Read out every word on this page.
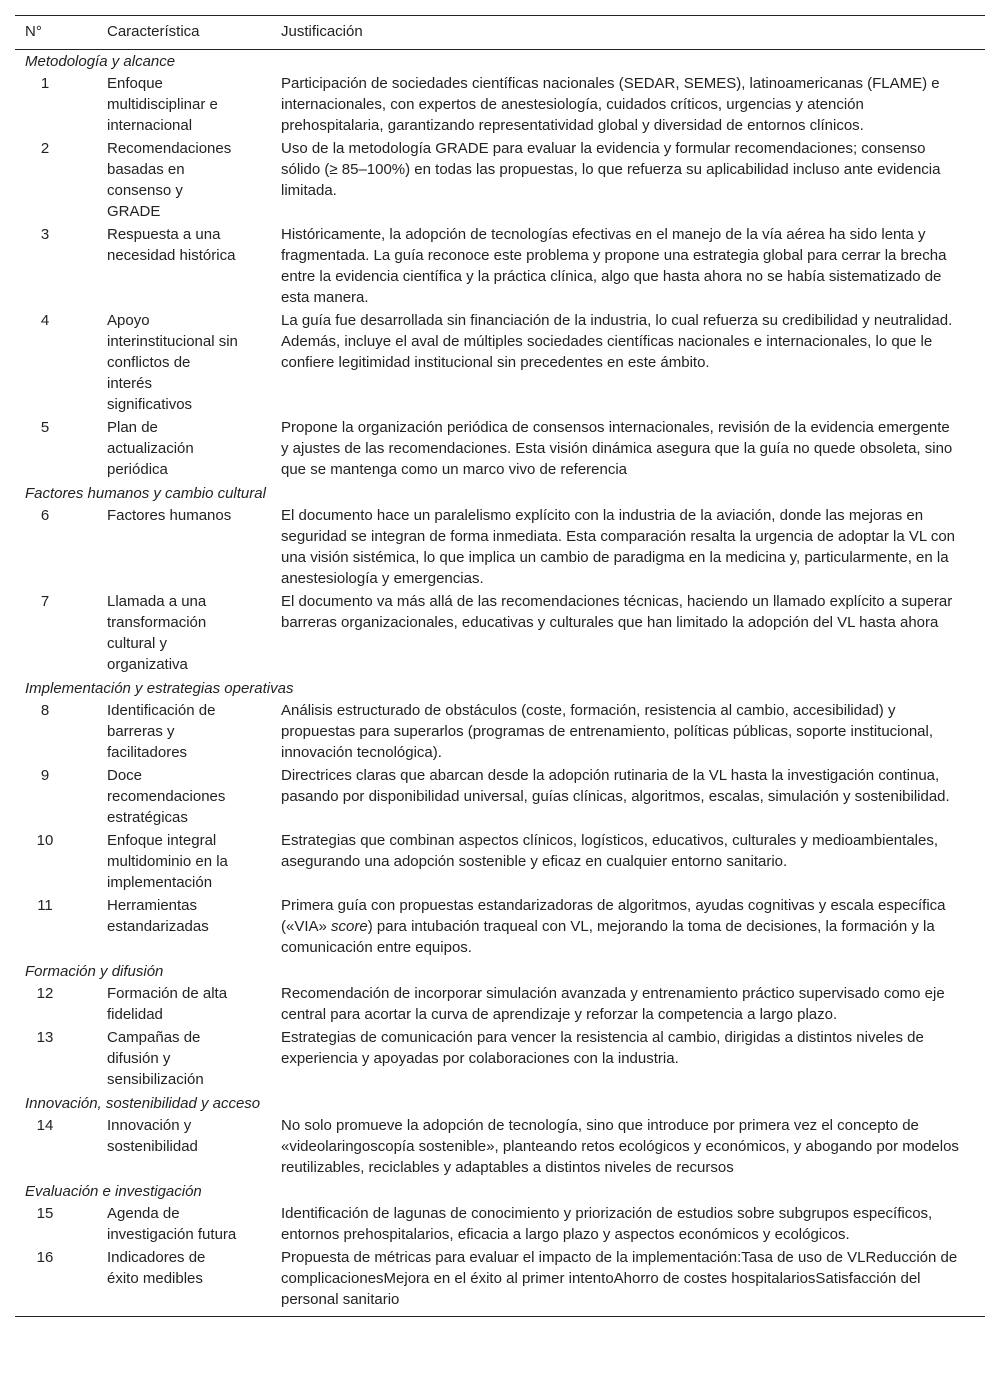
N°	Característica	Justificación
Metodología y alcance		
1	Enfoque multidisciplinar e internacional	Participación de sociedades científicas nacionales (SEDAR, SEMES), latinoamericanas (FLAME) e internacionales, con expertos de anestesiología, cuidados críticos, urgencias y atención prehospitalaria, garantizando representatividad global y diversidad de entornos clínicos.
2	Recomendaciones basadas en consenso y GRADE	Uso de la metodología GRADE para evaluar la evidencia y formular recomendaciones; consenso sólido (≥ 85–100%) en todas las propuestas, lo que refuerza su aplicabilidad incluso ante evidencia limitada.
3	Respuesta a una necesidad histórica	Históricamente, la adopción de tecnologías efectivas en el manejo de la vía aérea ha sido lenta y fragmentada. La guía reconoce este problema y propone una estrategia global para cerrar la brecha entre la evidencia científica y la práctica clínica, algo que hasta ahora no se había sistematizado de esta manera.
4	Apoyo interinstitucional sin conflictos de interés significativos	La guía fue desarrollada sin financiación de la industria, lo cual refuerza su credibilidad y neutralidad. Además, incluye el aval de múltiples sociedades científicas nacionales e internacionales, lo que le confiere legitimidad institucional sin precedentes en este ámbito.
5	Plan de actualización periódica	Propone la organización periódica de consensos internacionales, revisión de la evidencia emergente y ajustes de las recomendaciones. Esta visión dinámica asegura que la guía no quede obsoleta, sino que se mantenga como un marco vivo de referencia
Factores humanos y cambio cultural		
6	Factores humanos	El documento hace un paralelismo explícito con la industria de la aviación, donde las mejoras en seguridad se integran de forma inmediata. Esta comparación resalta la urgencia de adoptar la VL con una visión sistémica, lo que implica un cambio de paradigma en la medicina y, particularmente, en la anestesiología y emergencias.
7	Llamada a una transformación cultural y organizativa	El documento va más allá de las recomendaciones técnicas, haciendo un llamado explícito a superar barreras organizacionales, educativas y culturales que han limitado la adopción del VL hasta ahora
Implementación y estrategias operativas		
8	Identificación de barreras y facilitadores	Análisis estructurado de obstáculos (coste, formación, resistencia al cambio, accesibilidad) y propuestas para superarlos (programas de entrenamiento, políticas públicas, soporte institucional, innovación tecnológica).
9	Doce recomendaciones estratégicas	Directrices claras que abarcan desde la adopción rutinaria de la VL hasta la investigación continua, pasando por disponibilidad universal, guías clínicas, algoritmos, escalas, simulación y sostenibilidad.
10	Enfoque integral multidominio en la implementación	Estrategias que combinan aspectos clínicos, logísticos, educativos, culturales y medioambientales, asegurando una adopción sostenible y eficaz en cualquier entorno sanitario.
11	Herramientas estandarizadas	Primera guía con propuestas estandarizadoras de algoritmos, ayudas cognitivas y escala específica («VIA» score) para intubación traqueal con VL, mejorando la toma de decisiones, la formación y la comunicación entre equipos.
Formación y difusión		
12	Formación de alta fidelidad	Recomendación de incorporar simulación avanzada y entrenamiento práctico supervisado como eje central para acortar la curva de aprendizaje y reforzar la competencia a largo plazo.
13	Campañas de difusión y sensibilización	Estrategias de comunicación para vencer la resistencia al cambio, dirigidas a distintos niveles de experiencia y apoyadas por colaboraciones con la industria.
Innovación, sostenibilidad y acceso		
14	Innovación y sostenibilidad	No solo promueve la adopción de tecnología, sino que introduce por primera vez el concepto de «videolaringoscopía sostenible», planteando retos ecológicos y económicos, y abogando por modelos reutilizables, reciclables y adaptables a distintos niveles de recursos
Evaluación e investigación		
15	Agenda de investigación futura	Identificación de lagunas de conocimiento y priorización de estudios sobre subgrupos específicos, entornos prehospitalarios, eficacia a largo plazo y aspectos económicos y ecológicos.
16	Indicadores de éxito medibles	Propuesta de métricas para evaluar el impacto de la implementación:Tasa de uso de VLReducción de complicacionesMejora en el éxito al primer intentoAhorro de costes hospitalariosSatisfacción del personal sanitario
